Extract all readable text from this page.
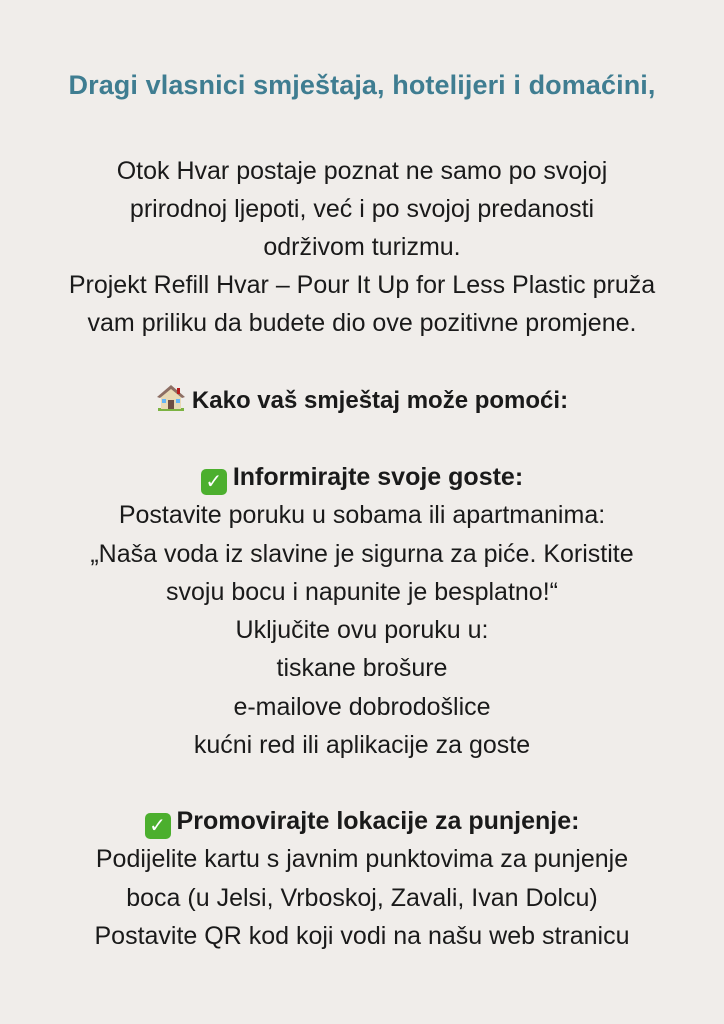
Dragi vlasnici smještaja, hotelijeri i domaćini,
Otok Hvar postaje poznat ne samo po svojoj
prirodnoj ljepoti, već i po svojoj predanosti
održivom turizmu.
Projekt Refill Hvar – Pour It Up for Less Plastic pruža
vam priliku da budete dio ove pozitivne promjene.
Kako vaš smještaj može pomoći:
✓ Informirajte svoje goste:
Postavite poruku u sobama ili apartmanima:
„Naša voda iz slavine je sigurna za piće. Koristite
svoju bocu i napunite je besplatno!“
Uključite ovu poruku u:
tiskane brošure
e-mailove dobrodošlice
kućni red ili aplikacije za goste
✓ Promovirajte lokacije za punjenje:
Podijelite kartu s javnim punktovima za punjenje
boca (u Jelsi, Vrboskoj, Zavali, Ivan Dolcu)
Postavite QR kod koji vodi na našu web stranicu
